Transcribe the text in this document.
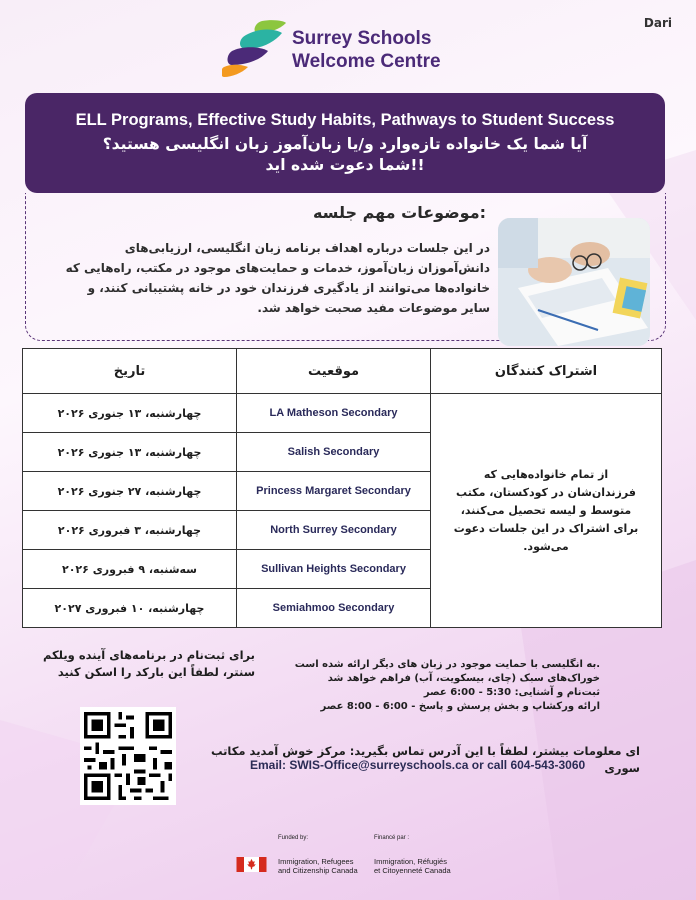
Dari
Surrey Schools
Welcome Centre
ELL Programs, Effective Study Habits, Pathways to Student Success
آیا شما یک خانواده تازه‌وارد و/یا زبان‌آموز زبان انگلیسی هستید؟
!!شما دعوت شده اید
:موضوعات مهم جلسه
در این جلسات درباره اهداف برنامه زبان انگلیسی، ارزیابی‌های دانش‌آموزان زبان‌آموز، خدمات و حمایت‌های موجود در مکتب، راه‌هایی که خانواده‌ها می‌توانند از یادگیری فرزندان خود در خانه پشتیبانی کنند، و سایر موضوعات مفید صحبت خواهد شد.
تاریخ	موقعیت	اشتراک کنندگان
چهارشنبه، ۱۳ جنوری ۲۰۲۶	LA Matheson Secondary	از تمام خانواده‌هایی که فرزندان‌شان در کودکستان، مکتب متوسط و لیسه تحصیل می‌کنند، برای اشتراک در این جلسات دعوت می‌شود.
چهارشنبه، ۱۳ جنوری ۲۰۲۶	Salish Secondary	
چهارشنبه، ۲۷ جنوری ۲۰۲۶	Princess Margaret Secondary	
چهارشنبه، ۳ فبروری ۲۰۲۶	North Surrey Secondary	
سه‌شنبه، ۹ فبروری ۲۰۲۶	Sullivan Heights Secondary	
چهارشنبه، ۱۰ فبروری ۲۰۲۷	Semiahmoo Secondary	
برای ثبت‌نام در برنامه‌های آینده ویلکم سنتر، لطفاً این بارکد را اسکن کنید
.به انگلیسی با حمایت موجود در زبان های دیگر ارائه شده است
خوراک‌های سبک (چای، بیسکویت، آب) فراهم خواهد شد
ثبت‌نام و آشنایی: 5:30 - 6:00 عصر
ارائه ورکشاپ و بخش پرسش و پاسخ - 6:00 - 8:00 عصر
ای معلومات بیشتر، لطفاً با این آدرس تماس بگیرید: مرکز خوش آمدید مکاتب سوری
Email: SWIS-Office@surreyschools.ca or call 604-543-3060
Funded by:	Financé par :
Immigration, Refugees
and Citizenship Canada
Immigration, Réfugiés
et Citoyenneté Canada
